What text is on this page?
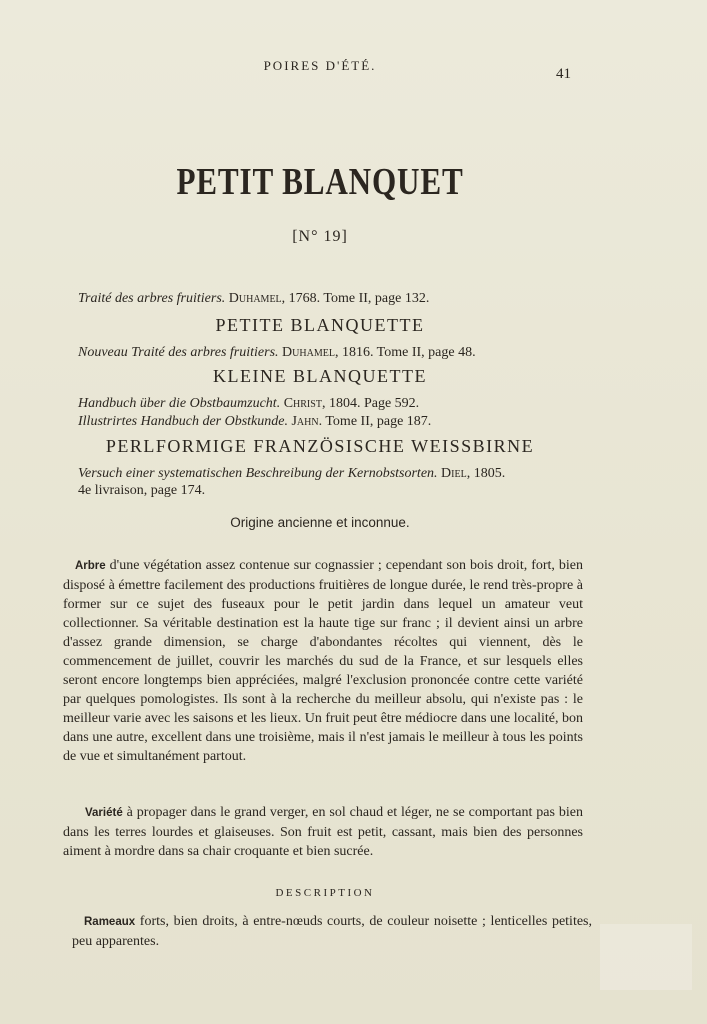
POIRES D'ÉTÉ.
41
PETIT BLANQUET
[N° 19]
Traité des arbres fruitiers. Duhamel, 1768. Tome II, page 132.
PETITE BLANQUETTE
Nouveau Traité des arbres fruitiers. Duhamel, 1816. Tome II, page 48.
KLEINE BLANQUETTE
Handbuch über die Obstbaumzucht. Christ, 1804. Page 592.
Illustrirtes Handbuch der Obstkunde. Jahn. Tome II, page 187.
PERLFORMIGE FRANZÖSISCHE WEISSBIRNE
Versuch einer systematischen Beschreibung der Kernobstsorten. Diel, 1805.
4e livraison, page 174.
Origine ancienne et inconnue.
Arbre d'une végétation assez contenue sur cognassier ; cependant son bois droit, fort, bien disposé à émettre facilement des productions fruitières de longue durée, le rend très-propre à former sur ce sujet des fuseaux pour le petit jardin dans lequel un amateur veut collectionner. Sa véritable destination est la haute tige sur franc ; il devient ainsi un arbre d'assez grande dimension, se charge d'abondantes récoltes qui viennent, dès le commencement de juillet, couvrir les marchés du sud de la France, et sur lesquels elles seront encore longtemps bien appréciées, malgré l'exclusion prononcée contre cette variété par quelques pomologistes. Ils sont à la recherche du meilleur absolu, qui n'existe pas : le meilleur varie avec les saisons et les lieux. Un fruit peut être médiocre dans une localité, bon dans une autre, excellent dans une troisième, mais il n'est jamais le meilleur à tous les points de vue et simultanément partout.
Variété à propager dans le grand verger, en sol chaud et léger, ne se comportant pas bien dans les terres lourdes et glaiseuses. Son fruit est petit, cassant, mais bien des personnes aiment à mordre dans sa chair croquante et bien sucrée.
DESCRIPTION
Rameaux forts, bien droits, à entre-nœuds courts, de couleur noisette ; lenticelles petites, peu apparentes.
